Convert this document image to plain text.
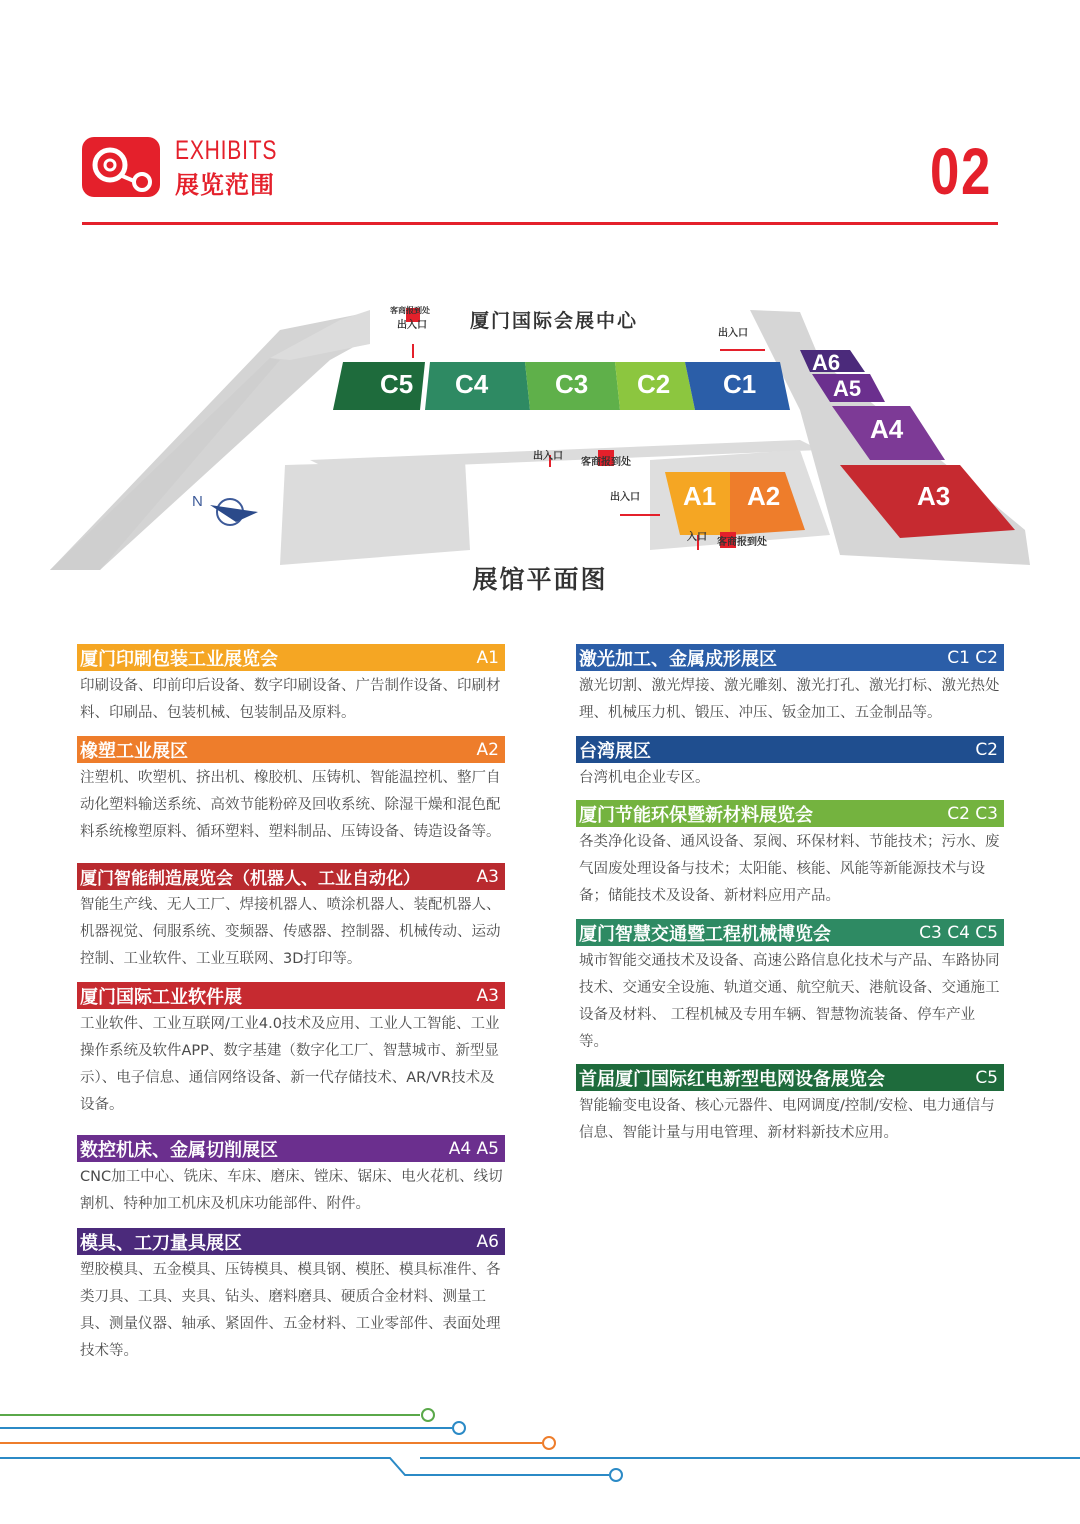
EXHIBITS
展览范围	02
C5 C4	C3 C2 C1
A6
A5
A4
A3
A1 A2
N
厦门国际会展中心
客商报到处
出入口
出入口
出入口
客商报到处
出入口
入口 客商报到处
展馆平面图
厦门印刷包装工业展览会	A1
印刷设备、印前印后设备、数字印刷设备、广告制作设备、印刷材料、印刷品、包装机械、包装制品及原料。
橡塑工业展区	A2
注塑机、吹塑机、挤出机、橡胶机、压铸机、智能温控机、整厂自动化塑料输送系统、高效节能粉碎及回收系统、除湿干燥和混色配料系统橡塑原料、循环塑料、塑料制品、压铸设备、铸造设备等。
厦门智能制造展览会（机器人、工业自动化）	A3
智能生产线、无人工厂、焊接机器人、喷涂机器人、装配机器人、机器视觉、伺服系统、变频器、传感器、控制器、机械传动、运动控制、工业软件、工业互联网、3D打印等。
厦门国际工业软件展	A3
工业软件、工业互联网/工业4.0技术及应用、工业人工智能、工业操作系统及软件APP、数字基建（数字化工厂、智慧城市、新型显示）、电子信息、通信网络设备、新一代存储技术、AR/VR技术及设备。
数控机床、金属切削展区	A4 A5
CNC加工中心、铣床、车床、磨床、镗床、锯床、电火花机、线切割机、特种加工机床及机床功能部件、附件。
模具、工刀量具展区	A6
塑胶模具、五金模具、压铸模具、模具钢、模胚、模具标准件、各类刀具、工具、夹具、钻头、磨料磨具、硬质合金材料、测量工具、测量仪器、轴承、紧固件、五金材料、工业零部件、表面处理技术等。
激光加工、金属成形展区	C1 C2
激光切割、激光焊接、激光雕刻、激光打孔、激光打标、激光热处理、机械压力机、锻压、冲压、钣金加工、五金制品等。
台湾展区	C2
台湾机电企业专区。
厦门节能环保暨新材料展览会	C2 C3
各类净化设备、通风设备、泵阀、环保材料、节能技术；污水、废气固废处理设备与技术；太阳能、核能、风能等新能源技术与设备；储能技术及设备、新材料应用产品。
厦门智慧交通暨工程机械博览会	C3 C4 C5
城市智能交通技术及设备、高速公路信息化技术与产品、车路协同技术、交通安全设施、轨道交通、航空航天、港航设备、交通施工设备及材料、 工程机械及专用车辆、智慧物流装备、停车产业等。
首届厦门国际红电新型电网设备展览会	C5
智能输变电设备、核心元器件、电网调度/控制/安检、电力通信与信息、智能计量与用电管理、新材料新技术应用。
